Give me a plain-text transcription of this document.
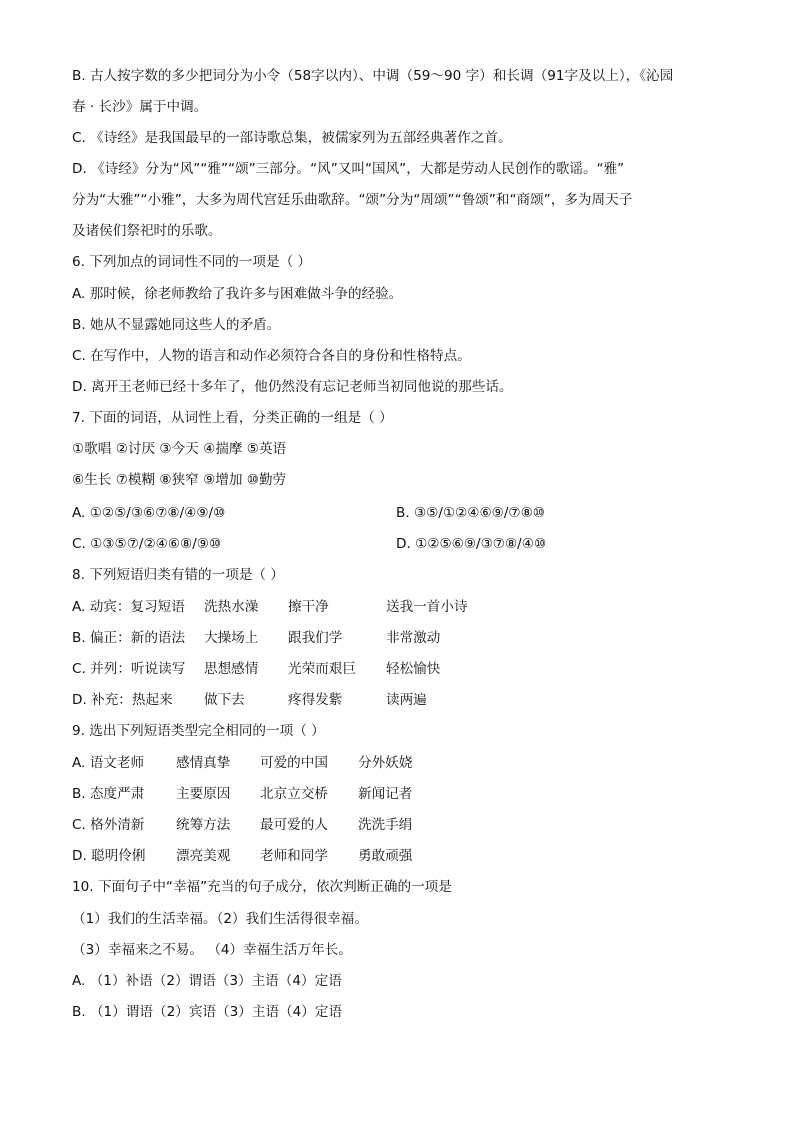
B. 古人按字数的多少把词分为小令（58字以内）、中调（59～90 字）和长调（91字及以上），《沁园
春 · 长沙》属于中调。
C. 《诗经》是我国最早的一部诗歌总集，被儒家列为五部经典著作之首。
D. 《诗经》分为“风”“雅”“颂”三部分。“风”又叫“国风”，大都是劳动人民创作的歌谣。“雅”
分为“大雅”“小雅”，大多为周代宫廷乐曲歌辞。“颂”分为“周颂”“鲁颂”和“商颂”，多为周天子
及诸侯们祭祀时的乐歌。
6. 下列加点的词词性不同的一项是（ ）
A. 那时候，徐老师教给了我许多与困难做斗争的经验。
B. 她从不显露她同这些人的矛盾。
C. 在写作中，人物的语言和动作必须符合各自的身份和性格特点。
D. 离开王老师已经十多年了，他仍然没有忘记老师当初同他说的那些话。
7. 下面的词语，从词性上看，分类正确的一组是（ ）
①歌唱 ②讨厌 ③今天 ④揣摩 ⑤英语
⑥生长 ⑦模糊 ⑧狭窄 ⑨增加 ⑩勤劳
A. ①②⑤/③⑥⑦⑧/④⑨/⑩	B. ③⑤/①②④⑥⑨/⑦⑧⑩
C. ①③⑤⑦/②④⑥⑧/⑨⑩	D. ①②⑤⑥⑨/③⑦⑧/④⑩
8. 下列短语归类有错的一项是（ ）
A. 动宾：复习短语 洗热水澡 擦干净	送我一首小诗
B. 偏正：新的语法 大操场上 跟我们学	非常激动
C. 并列：听说读写 思想感情 光荣而艰巨 轻松愉快
D. 补充：热起来 做下去	疼得发紫	读两遍
9. 选出下列短语类型完全相同的一项（ ）
A. 语文老师 感情真挚 可爱的中国 分外妖娆
B. 态度严肃 主要原因 北京立交桥 新闻记者
C. 格外清新 统筹方法 最可爱的人 洗洗手绢
D. 聪明伶俐 漂亮美观 老师和同学 勇敢顽强
10. 下面句子中“幸福”充当的句子成分，依次判断正确的一项是
（1）我们的生活幸福。（2）我们生活得很幸福。
（3）幸福来之不易。 （4）幸福生活万年长。
A. （1）补语（2）谓语（3）主语（4）定语
B. （1）谓语（2）宾语（3）主语（4）定语
